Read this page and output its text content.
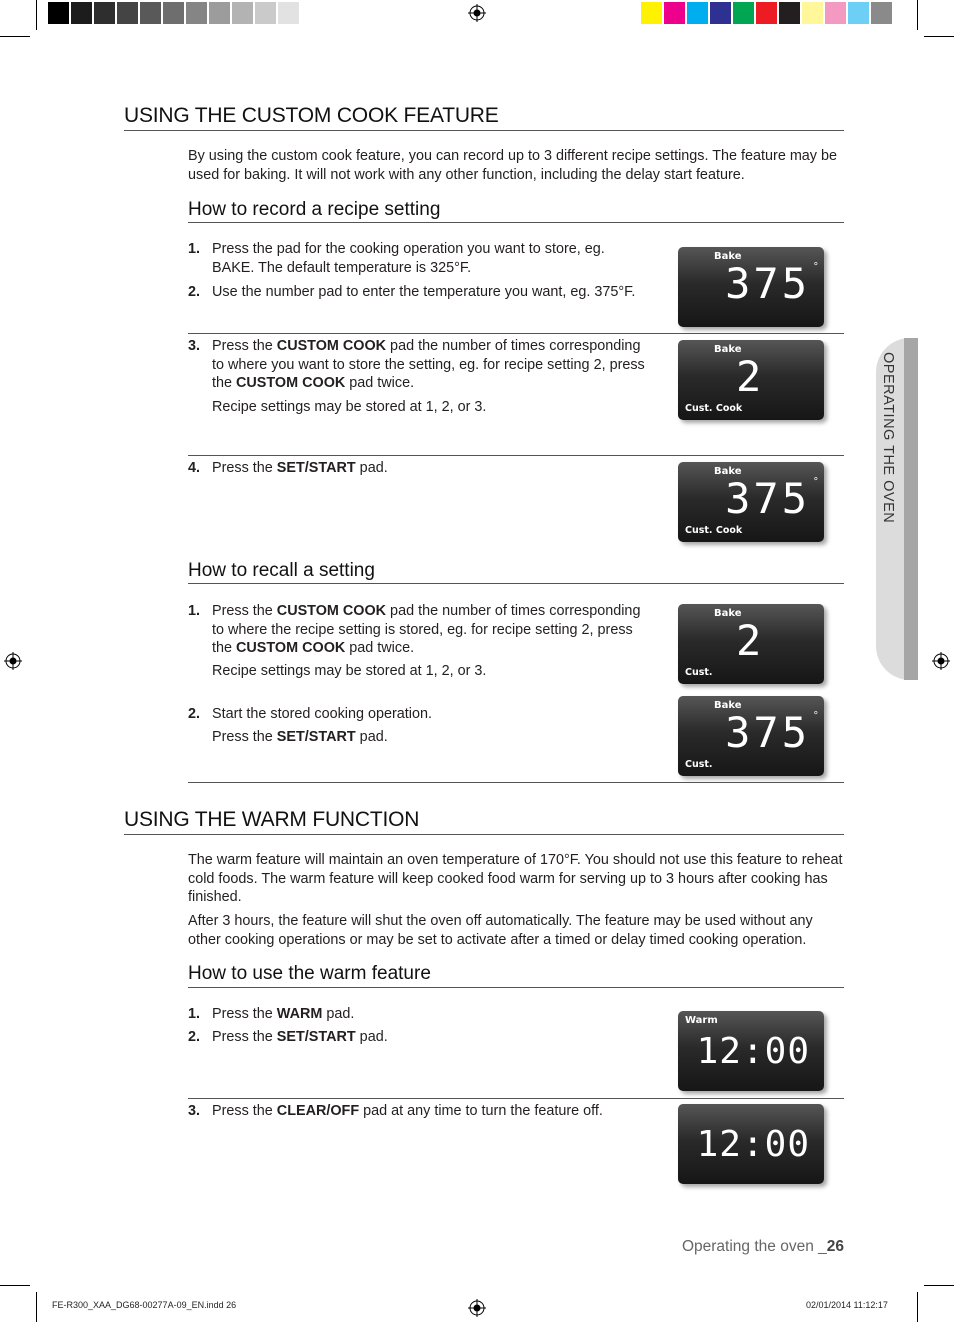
USING THE CUSTOM COOK FEATURE
By using the custom cook feature, you can record up to 3 different recipe settings. The feature may be used for baking. It will not work with any other function, including the delay start feature.
How to record a recipe setting
1 . Press the pad for the cooking operation you want to store, eg. BAKE. The default temperature is 325°F.
2 . Use the number pad to enter the temperature you want, eg. 375°F.
3 . Press the CUSTOM COOK pad the number of times corresponding to where you want to store the setting, eg. for recipe setting 2, press the CUSTOM COOK pad twice.
Recipe settings may be stored at 1, 2, or 3.
4 . Press the SET/START pad.
How to recall a setting
1 . Press the CUSTOM COOK pad the number of times corresponding to where the recipe setting is stored, eg. for recipe setting 2, press the CUSTOM COOK pad twice.
Recipe settings may be stored at 1, 2, or 3.
2 . Start the stored cooking operation.
Press the SET/START pad.
USING THE WARM FUNCTION
The warm feature will maintain an oven temperature of 170°F. You should not use this feature to reheat cold foods. The warm feature will keep cooked food warm for serving up to 3 hours after cooking has finished.
After 3 hours, the feature will shut the oven off automatically. The feature may be used without any other cooking operations or may be set to activate after a timed or delay timed cooking operation.
How to use the warm feature
1 . Press the WARM pad.
2 . Press the SET/START pad.
3 . Press the CLEAR/OFF pad at any time to turn the feature off.
Bake
375 °
Bake
2
Cust. Cook
Bake
375 °
Cust. Cook
Bake
2
Cust.
Bake
375 °
Cust.
Warm
12:00
12:00
OPERATING THE OVEN
Operating the oven _26
FE-R300_XAA_DG68-00277A-09_EN.indd 26	02/01/2014 11:12:17
